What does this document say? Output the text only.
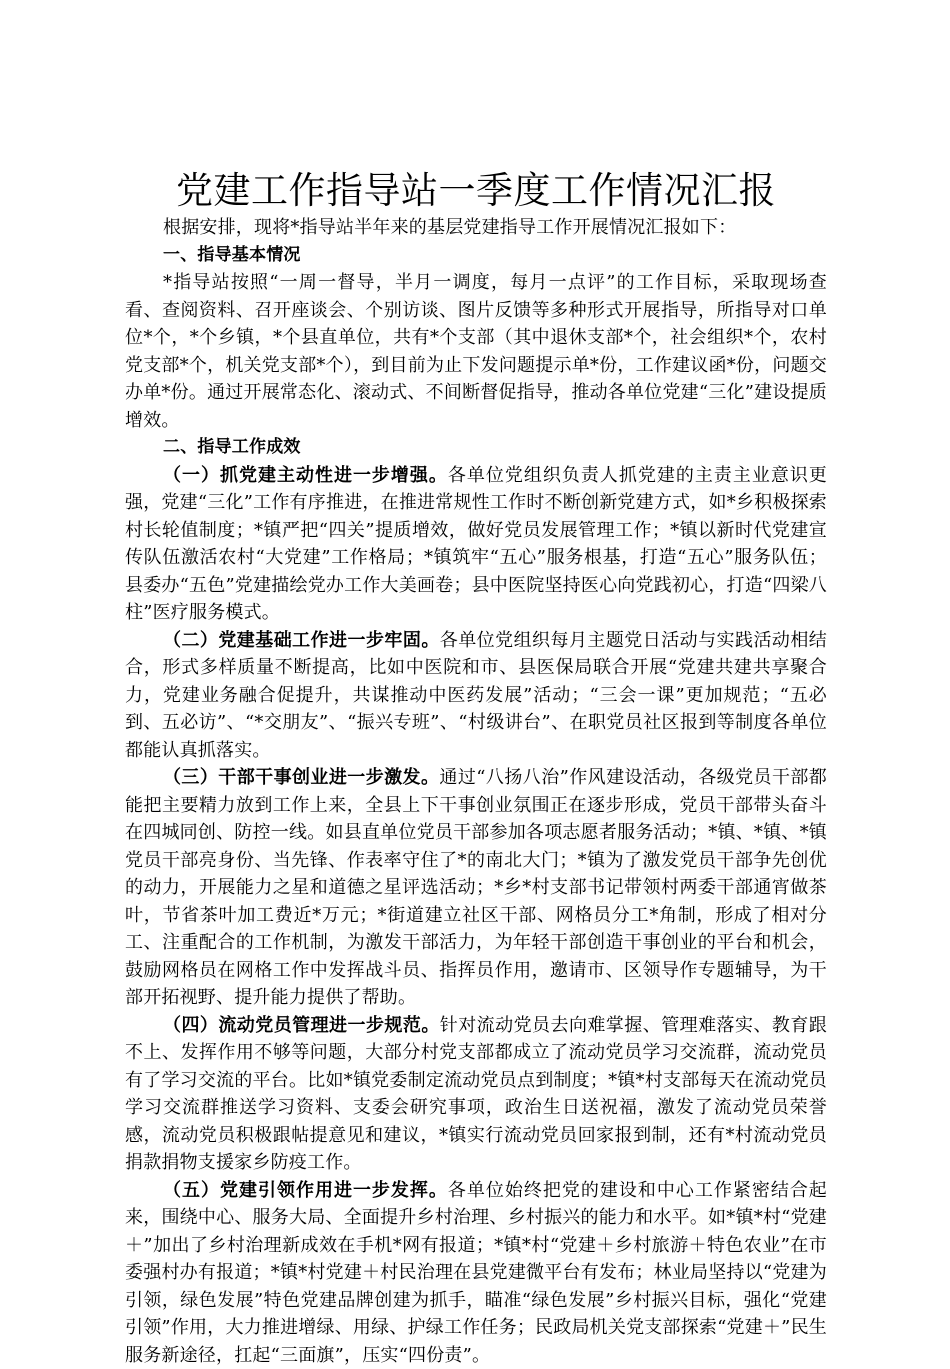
党建工作指导站一季度工作情况汇报

根据安排，现将*指导站半年来的基层党建指导工作开展情况汇报如下：

一、指导基本情况

*指导站按照“一周一督导，半月一调度，每月一点评”的工作目标，采取现场查看、查阅资料、召开座谈会、个别访谈、图片反馈等多种形式开展指导，所指导对口单位*个，*个乡镇，*个县直单位，共有*个支部（其中退休支部*个，社会组织*个，农村党支部*个，机关党支部*个），到目前为止下发问题提示单*份，工作建议函*份，问题交办单*份。通过开展常态化、滚动式、不间断督促指导，推动各单位党建“三化”建设提质增效。

二、指导工作成效

（一）抓党建主动性进一步增强。各单位党组织负责人抓党建的主责主业意识更强，党建“三化”工作有序推进，在推进常规性工作时不断创新党建方式，如*乡积极探索村长轮值制度；*镇严把“四关”提质增效，做好党员发展管理工作；*镇以新时代党建宣传队伍激活农村“大党建”工作格局；*镇筑牢“五心”服务根基，打造“五心”服务队伍；县委办“五色”党建描绘党办工作大美画卷；县中医院坚持医心向党践初心，打造“四梁八柱”医疗服务模式。

（二）党建基础工作进一步牢固。各单位党组织每月主题党日活动与实践活动相结合，形式多样质量不断提高，比如中医院和市、县医保局联合开展“党建共建共享聚合力，党建业务融合促提升，共谋推动中医药发展”活动；“三会一课”更加规范；“五必到、五必访”、“*交朋友”、“振兴专班”、“村级讲台”、在职党员社区报到等制度各单位都能认真抓落实。

（三）干部干事创业进一步激发。通过“八扬八治”作风建设活动，各级党员干部都能把主要精力放到工作上来，全县上下干事创业氛围正在逐步形成，党员干部带头奋斗在四城同创、防控一线。如县直单位党员干部参加各项志愿者服务活动；*镇、*镇、*镇党员干部亮身份、当先锋、作表率守住了*的南北大门；*镇为了激发党员干部争先创优的动力，开展能力之星和道德之星评选活动；*乡*村支部书记带领村两委干部通宵做茶叶，节省茶叶加工费近*万元；*街道建立社区干部、网格员分工*角制，形成了相对分工、注重配合的工作机制，为激发干部活力，为年轻干部创造干事创业的平台和机会，鼓励网格员在网格工作中发挥战斗员、指挥员作用，邀请市、区领导作专题辅导，为干部开拓视野、提升能力提供了帮助。

（四）流动党员管理进一步规范。针对流动党员去向难掌握、管理难落实、教育跟不上、发挥作用不够等问题，大部分村党支部都成立了流动党员学习交流群，流动党员有了学习交流的平台。比如*镇党委制定流动党员点到制度；*镇*村支部每天在流动党员学习交流群推送学习资料、支委会研究事项，政治生日送祝福，激发了流动党员荣誉感，流动党员积极跟帖提意见和建议，*镇实行流动党员回家报到制，还有*村流动党员捐款捐物支援家乡防疫工作。

（五）党建引领作用进一步发挥。各单位始终把党的建设和中心工作紧密结合起来，围绕中心、服务大局、全面提升乡村治理、乡村振兴的能力和水平。如*镇*村“党建＋”加出了乡村治理新成效在手机*网有报道；*镇*村“党建＋乡村旅游＋特色农业”在市委强村办有报道；*镇*村党建＋村民治理在县党建微平台有发布；林业局坚持以“党建为引领，绿色发展”特色党建品牌创建为抓手，瞄准“绿色发展”乡村振兴目标，强化“党建引领”作用，大力推进增绿、用绿、护绿工作任务；民政局机关党支部探索“党建＋”民生服务新途径，扛起“三面旗”，压实“四份责”。
